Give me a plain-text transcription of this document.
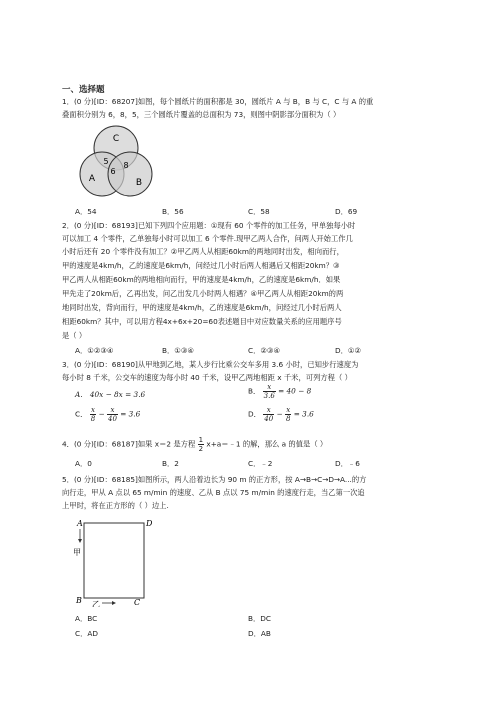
一、选择题
1．(0 分)[ID：68207]如图，每个圆纸片的面积都是 30，圆纸片 A 与 B，B 与 C，C 与 A 的重
叠面积分别为 6，8，5，三个圆纸片覆盖的总面积为 73，则图中阴影部分面积为（ ）
C
A	B
5
6
8
A．54	B．56	C．58	D．69
2．(0 分)[ID：68193]已知下列四个应用题：①现有 60 个零件的加工任务，甲单独每小时
可以加工 4 个零件，乙单独每小时可以加工 6 个零件.现甲乙两人合作，问两人开始工作几
小时后还有 20 个零件没有加工？②甲乙两人从相距60km的两地同时出发，相向而行，
甲的速度是4km/h，乙的速度是6km/h，问经过几小时后两人相遇后又相距20km？③
甲乙两人从相距60km的两地相向而行，甲的速度是4km/h，乙的速度是6km/h．如果
甲先走了20km后，乙再出发，问乙出发几小时两人相遇？④甲乙两人从相距20km的两
地同时出发，背向而行，甲的速度是4km/h，乙的速度是6km/h，问经过几小时后两人
相距60km？其中，可以用方程4x+6x+20=60表述题目中对应数量关系的应用题序号
是（ ）
A．①②③④	B．①③④	C．②③④	D．①②
3．(0 分)[ID：68190]从甲地到乙地，某人步行比乘公交车多用 3.6 小时，已知步行速度为
每小时 8 千米，公交车的速度为每小时 40 千米，设甲乙两地相距 x 千米，可列方程（ ）
A． 40x − 8x = 3.6	B． $\frac{x}{3.6} = 40 - 8$
C． $\frac{x}{8} - \frac{x}{40} = 3.6$	D． $\frac{x}{40} - \frac{x}{8} = 3.6$
4．(0 分)[ID：68187]如果 x＝2 是方程 $\frac{1}{2}$ x+a＝﹣1 的解，那么 a 的值是（ ）
A．0	B．2	C．﹣2	D．﹣6
5．(0 分)[ID：68185]如图所示，两人沿着边长为 90 m 的正方形，按 A→B→C→D→A...的方
向行走，甲从 A 点以 65 m/min 的速度、乙从 B 点以 75 m/min 的速度行走，当乙第一次追
上甲时，将在正方形的（ ）边上.
A	D
B	C
甲
乙
A．BC	B．DC
C．AD	D．AB
